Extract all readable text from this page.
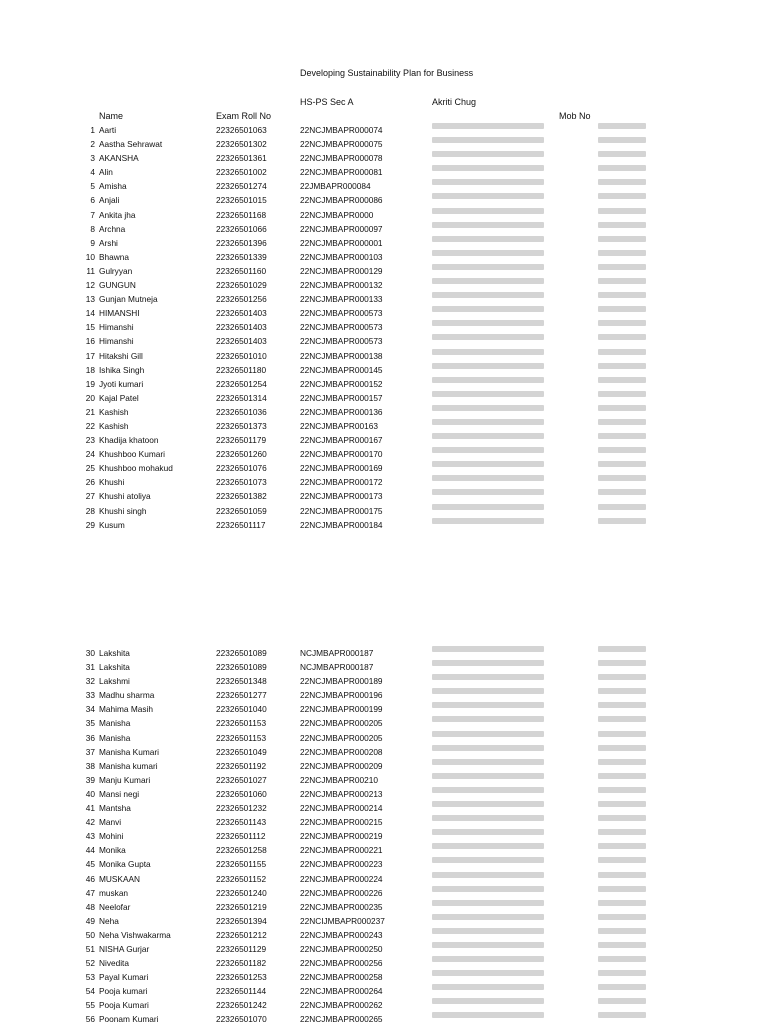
Developing Sustainability Plan for Business
HS-PS Sec A	Akriti Chug
Name	Exam Roll No	Mob No
1 Aarti	22326501063	22NCJMBAPR000074
2 Aastha Sehrawat	22326501302	22NCJMBAPR000075
3 AKANSHA	22326501361	22NCJMBAPR000078
4 Alin	22326501002	22NCJMBAPR000081
5 Amisha	22326501274	22JMBAPR000084
6 Anjali	22326501015	22NCJMBAPR000086
7 Ankita jha	22326501168	22NCJMBAPR0000
8 Archna	22326501066	22NCJMBAPR000097
9 Arshi	22326501396	22NCJMBAPR000001
10 Bhawna	22326501339	22NCJMBAPR000103
11 Gulryyan	22326501160	22NCJMBAPR000129
12 GUNGUN	22326501029	22NCJMBAPR000132
13 Gunjan Mutneja	22326501256	22NCJMBAPR000133
14 HIMANSHI	22326501403	22NCJMBAPR000573
15 Himanshi	22326501403	22NCJMBAPR000573
16 Himanshi	22326501403	22NCJMBAPR000573
17 Hitakshi Gill	22326501010	22NCJMBAPR000138
18 Ishika Singh	22326501180	22NCJMBAPR000145
19 Jyoti kumari	22326501254	22NCJMBAPR000152
20 Kajal Patel	22326501314	22NCJMBAPR000157
21 Kashish	22326501036	22NCJMBAPR000136
22 Kashish	22326501373	22NCJMBAPR00163
23 Khadija khatoon	22326501179	22NCJMBAPR000167
24 Khushboo Kumari	22326501260	22NCJMBAPR000170
25 Khushboo mohakud	22326501076	22NCJMBAPR000169
26 Khushi	22326501073	22NCJMBAPR000172
27 Khushi atoliya	22326501382	22NCJMBAPR000173
28 Khushi singh	22326501059	22NCJMBAPR000175
29 Kusum	22326501117	22NCJMBAPR000184
30 Lakshita	22326501089	NCJMBAPR000187
31 Lakshita	22326501089	NCJMBAPR000187
32 Lakshmi	22326501348	22NCJMBAPR000189
33 Madhu sharma	22326501277	22NCJMBAPR000196
34 Mahima Masih	22326501040	22NCJMBAPR000199
35 Manisha	22326501153	22NCJMBAPR000205
36 Manisha	22326501153	22NCJMBAPR000205
37 Manisha Kumari	22326501049	22NCJMBAPR000208
38 Manisha kumari	22326501192	22NCJMBAPR000209
39 Manju Kumari	22326501027	22NCJMBAPR00210
40 Mansi negi	22326501060	22NCJMBAPR000213
41 Mantsha	22326501232	22NCJMBAPR000214
42 Manvi	22326501143	22NCJMBAPR000215
43 Mohini	22326501112	22NCJMBAPR000219
44 Monika	22326501258	22NCJMBAPR000221
45 Monika Gupta	22326501155	22NCJMBAPR000223
46 MUSKAAN	22326501152	22NCJMBAPR000224
47 muskan	22326501240	22NCJMBAPR000226
48 Neelofar	22326501219	22NCJMBAPR000235
49 Neha	22326501394	22NCIJMBAPR000237
50 Neha Vishwakarma	22326501212	22NCJMBAPR000243
51 NISHA Gurjar	22326501129	22NCJMBAPR000250
52 Nivedita	22326501182	22NCJMBAPR000256
53 Payal Kumari	22326501253	22NCJMBAPR000258
54 Pooja kumari	22326501144	22NCJMBAPR000264
55 Pooja Kumari	22326501242	22NCJMBAPR000262
56 Poonam Kumari	22326501070	22NCJMBAPR000265
